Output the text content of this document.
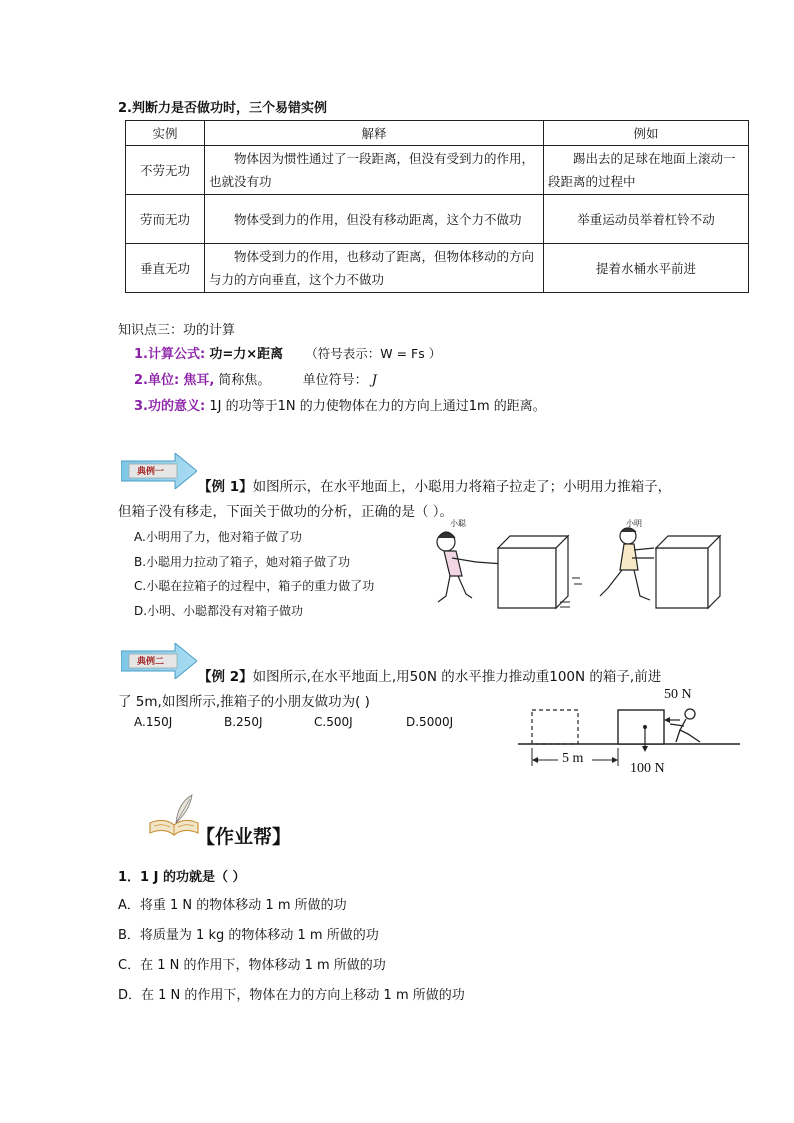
2.判断力是否做功时，三个易错实例
实例	解释	例如
不劳无功	物体因为惯性通过了一段距离，但没有受到力的作用，也就没有功	踢出去的足球在地面上滚动一段距离的过程中
劳而无功	物体受到力的作用，但没有移动距离，这个力不做功	举重运动员举着杠铃不动
垂直无功	物体受到力的作用，也移动了距离，但物体移动的方向与力的方向垂直，这个力不做功	提着水桶水平前进
知识点三：功的计算
1.计算公式: 功=力×距离 （符号表示：W = Fs ）
2.单位: 焦耳, 简称焦。 单位符号： J
3.功的意义: 1J 的功等于1N 的力使物体在力的方向上通过1m 的距离。
典例一
【例 1】如图所示，在水平地面上，小聪用力将箱子拉走了；小明用力推箱子，
但箱子没有移走，下面关于做功的分析，正确的是（ ）。
A.小明用了力，他对箱子做了功
B.小聪用力拉动了箱子，她对箱子做了功
C.小聪在拉箱子的过程中，箱子的重力做了功
D.小明、小聪都没有对箱子做功
小聪	小明
典例二
【例 2】如图所示,在水平地面上,用50N 的水平推力推动重100N 的箱子,前进
了 5m,如图所示,推箱子的小朋友做功为( )
A.150J	B.250J	C.500J	D.5000J
50 N
100 N
5 m
【作业帮】
1．1 J 的功就是（ ）
A．将重 1 N 的物体移动 1 m 所做的功
B．将质量为 1 kg 的物体移动 1 m 所做的功
C．在 1 N 的作用下，物体移动 1 m 所做的功
D．在 1 N 的作用下，物体在力的方向上移动 1 m 所做的功
